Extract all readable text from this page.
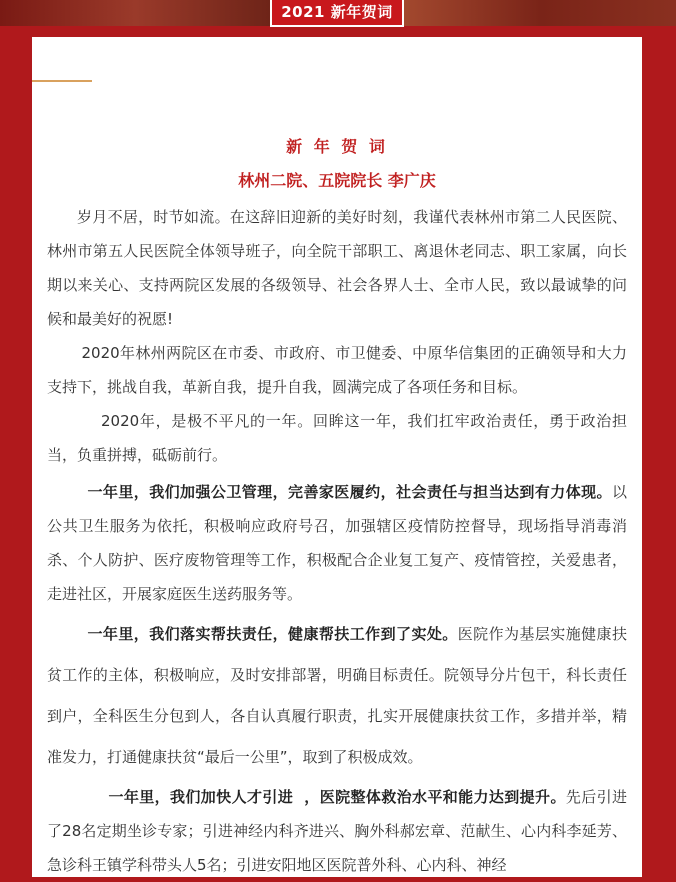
2021 新年贺词
新 年 贺 词
林州二院、五院院长 李广庆

岁月不居，时节如流。在这辞旧迎新的美好时刻，我谨代表林州市第二人民医院、林州市第五人民医院全体领导班子，向全院干部职工、离退休老同志、职工家属，向长期以来关心、支持两院区发展的各级领导、社会各界人士、全市人民，致以最诚挚的问候和最美好的祝愿!

2020年林州两院区在市委、市政府、市卫健委、中原华信集团的正确领导和大力支持下，挑战自我，革新自我，提升自我，圆满完成了各项任务和目标。

2020年，是极不平凡的一年。回眸这一年，我们扛牢政治责任，勇于政治担当，负重拼搏，砥砺前行。

一年里，我们加强公卫管理，完善家医履约，社会责任与担当达到有力体现。以公共卫生服务为依托，积极响应政府号召，加强辖区疫情防控督导，现场指导消毒消杀、个人防护、医疗废物管理等工作，积极配合企业复工复产、疫情管控，关爱患者，走进社区，开展家庭医生送药服务等。

一年里，我们落实帮扶责任，健康帮扶工作到了实处。医院作为基层实施健康扶贫工作的主体，积极响应，及时安排部署，明确目标责任。院领导分片包干，科长责任到户，全科医生分包到人，各自认真履行职责，扎实开展健康扶贫工作，多措并举，精准发力，打通健康扶贫“最后一公里”，取到了积极成效。

一年里，我们加快人才引进  ，医院整体救治水平和能力达到提升。先后引进了28名定期坐诊专家；引进神经内科齐进兴、胸外科郝宏章、范献生、心内科李延芳、急诊科王镇学科带头人5名；引进安阳地区医院普外科、心内科、神经
